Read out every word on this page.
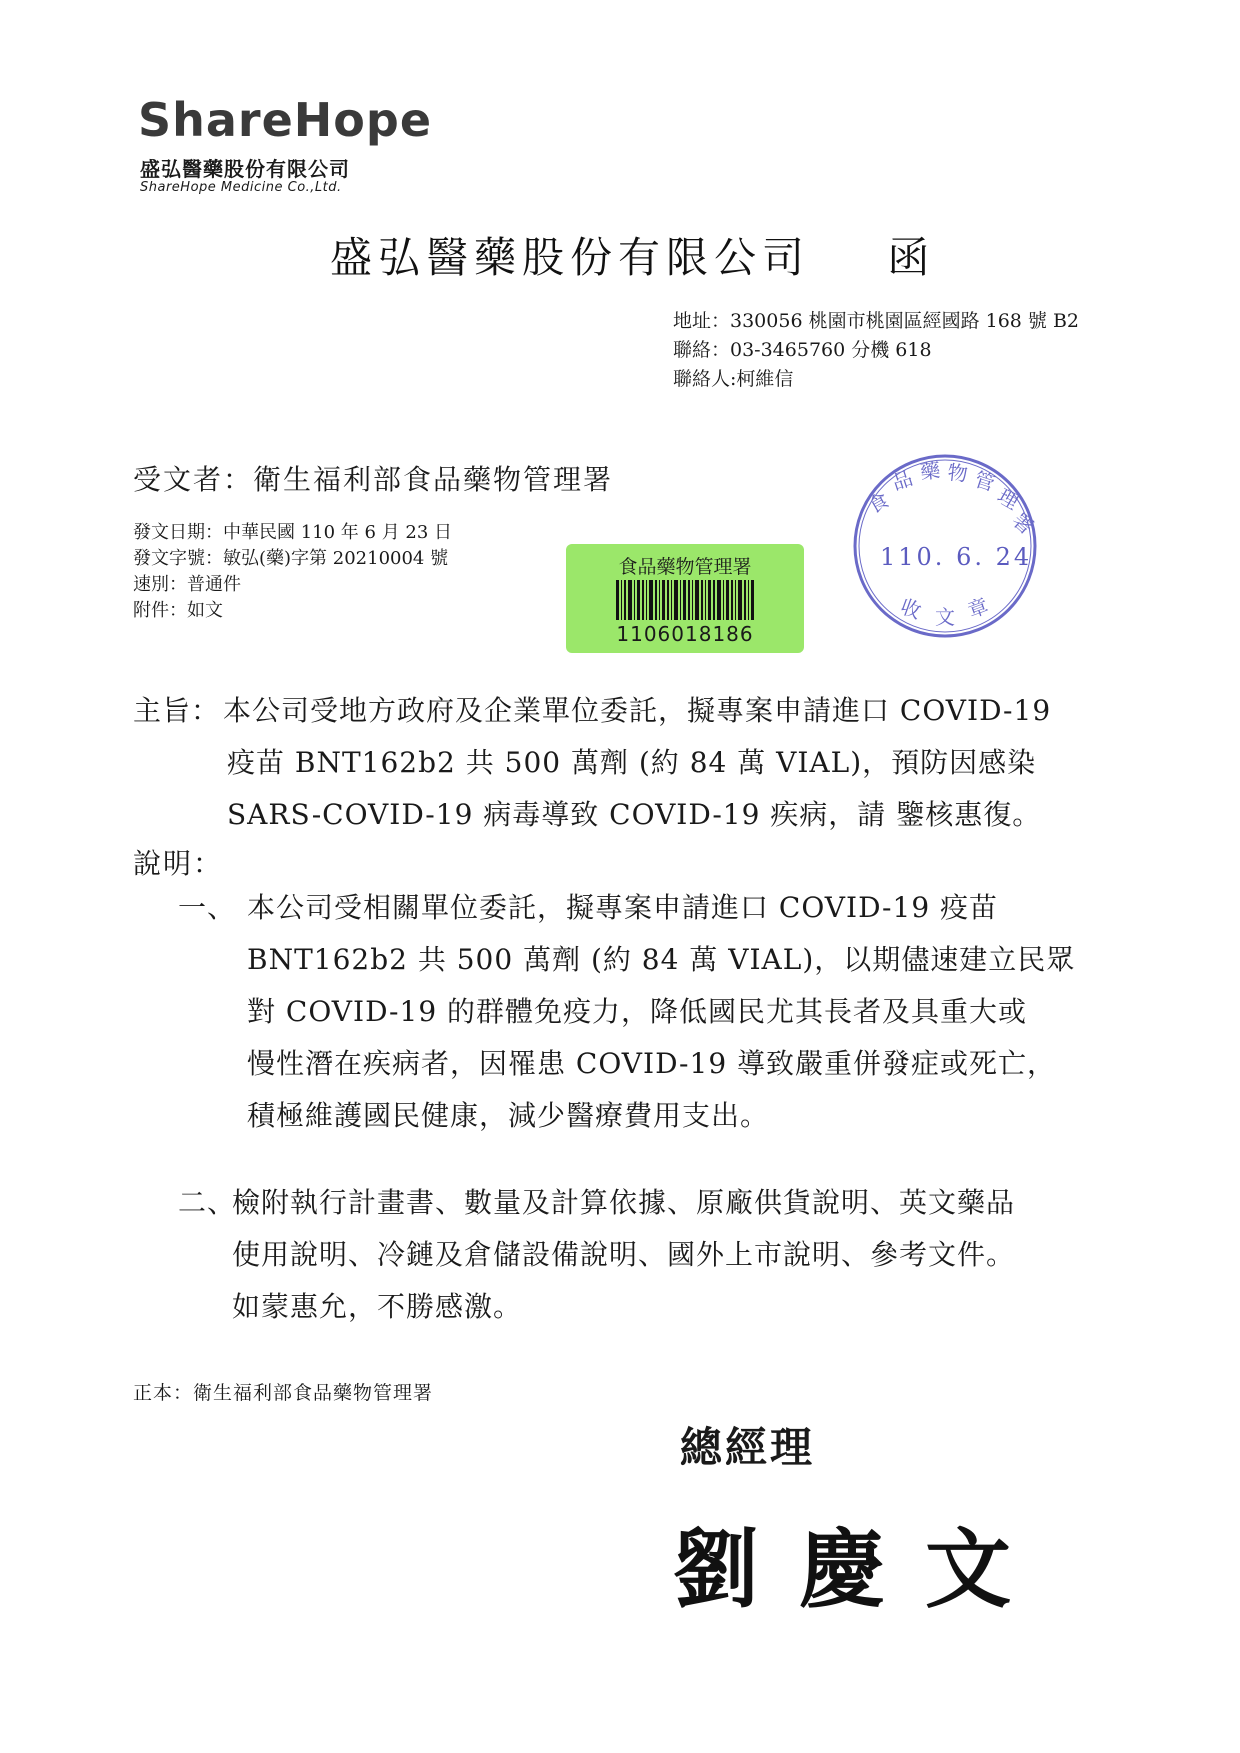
ShareHope
盛弘醫藥股份有限公司
ShareHope Medicine Co.,Ltd.
盛弘醫藥股份有限公司    函
地址：330056 桃園市桃園區經國路 168 號 B2
聯絡：03-3465760 分機 618
聯絡人:柯維信
受文者：衛生福利部食品藥物管理署
發文日期：中華民國 110 年 6 月 23 日
發文字號：敏弘(藥)字第 20210004 號
速別：普通件
附件：如文
食品藥物管理署
1106018186
食
品 藥 物 管
理
署
收 文 章
110. 6. 24
主旨： 本公司受地方政府及企業單位委託，擬專案申請進口 COVID-19
疫苗 BNT162b2 共 500 萬劑 (約 84 萬 VIAL)，預防因感染
SARS-COVID-19 病毒導致 COVID-19 疾病，請 鑒核惠復。
說明：
一、 本公司受相關單位委託，擬專案申請進口 COVID-19 疫苗
BNT162b2 共 500 萬劑 (約 84 萬 VIAL)，以期儘速建立民眾
對 COVID-19 的群體免疫力，降低國民尤其長者及具重大或
慢性潛在疾病者，因罹患 COVID-19 導致嚴重併發症或死亡，
積極維護國民健康，減少醫療費用支出。
二、
檢附執行計畫書、數量及計算依據、原廠供貨說明、英文藥品
使用說明、冷鏈及倉儲設備說明、國外上市說明、參考文件。
如蒙惠允，不勝感激。
正本：衛生福利部食品藥物管理署
總經理
劉慶文
